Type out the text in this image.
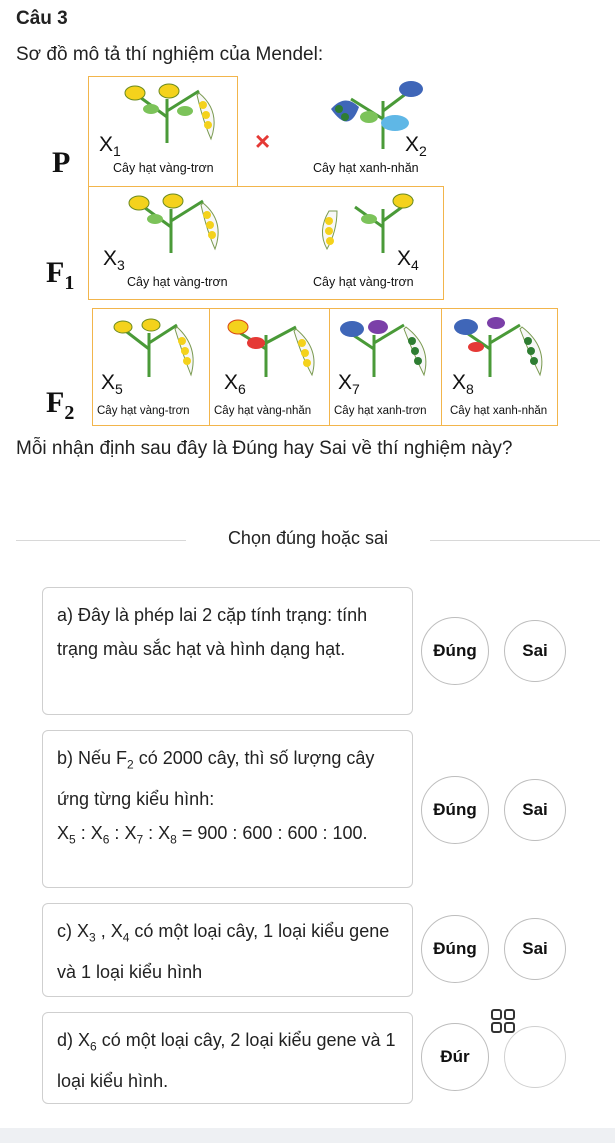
Câu 3
Sơ đồ mô tả thí nghiệm của Mendel:
P
$X_1$
Cây hạt vàng-trơn
×	$X_2$
Cây hạt xanh-nhăn
$F_1$
$X_3$
Cây hạt vàng-trơn
$X_4$
Cây hạt vàng-trơn
$F_2$
$X_5$
Cây hạt vàng-trơn
$X_6$
Cây hạt vàng-nhăn
$X_7$
Cây hạt xanh-trơn
$X_8$
Cây hạt xanh-nhăn
Mỗi nhận định sau đây là Đúng hay Sai về thí nghiệm này?
Chọn đúng hoặc sai
a) Đây là phép lai 2 cặp tính trạng: tính trạng màu sắc hạt và hình dạng hạt.	Đúng	Sai
b) Nếu $F_2$ có 2000 cây, thì số lượng cây ứng từng kiểu hình:
$X_5$ : $X_6$ : $X_7$ : $X_8 = 900$ : 600 : 600 : 100.
Đúng	Sai
c) $X_3$ , $X_4$ có một loại cây, 1 loại kiểu gene và 1 loại kiểu hình
Đúng	Sai
d) $X_6$ có một loại cây, 2 loại kiểu gene và 1 loại kiểu hình.
Đúr
